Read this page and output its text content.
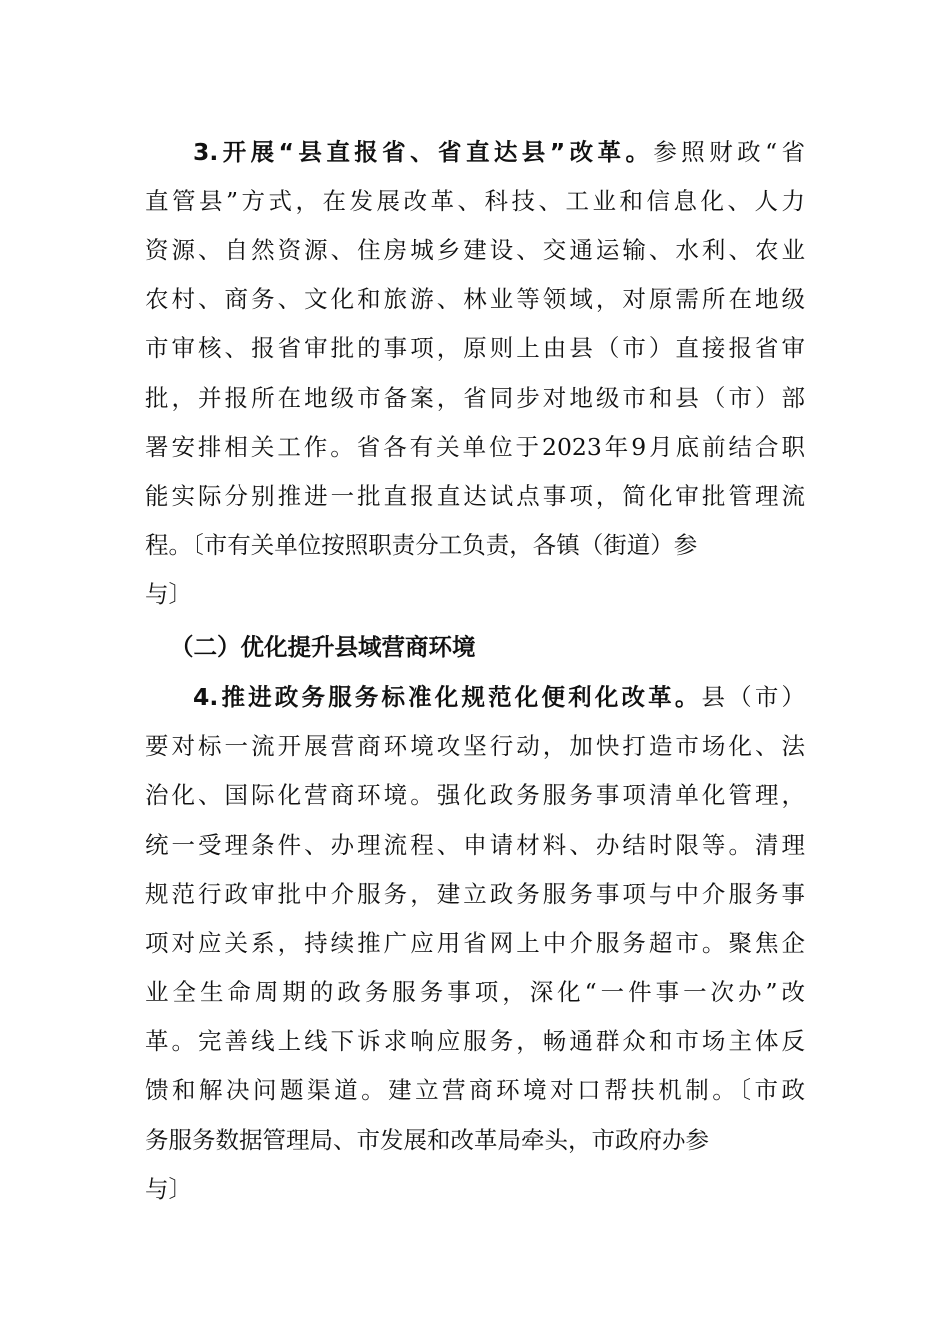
3.开展“县直报省、省直达县”改革。参照财政“省
直管县”方式，在发展改革、科技、工业和信息化、人力
资源、自然资源、住房城乡建设、交通运输、水利、农业
农村、商务、文化和旅游、林业等领域，对原需所在地级
市审核、报省审批的事项，原则上由县（市）直接报省审
批，并报所在地级市备案，省同步对地级市和县（市）部
署安排相关工作。省各有关单位于2023年9月底前结合职
能实际分别推进一批直报直达试点事项，简化审批管理流
程。〔市有关单位按照职责分工负责，各镇（街道）参
与〕
（二）优化提升县域营商环境
4.推进政务服务标准化规范化便利化改革。县（市）
要对标一流开展营商环境攻坚行动，加快打造市场化、法
治化、国际化营商环境。强化政务服务事项清单化管理，
统一受理条件、办理流程、申请材料、办结时限等。清理
规范行政审批中介服务，建立政务服务事项与中介服务事
项对应关系，持续推广应用省网上中介服务超市。聚焦企
业全生命周期的政务服务事项，深化“一件事一次办”改
革。完善线上线下诉求响应服务，畅通群众和市场主体反
馈和解决问题渠道。建立营商环境对口帮扶机制。〔市政
务服务数据管理局、市发展和改革局牵头，市政府办参
与〕
